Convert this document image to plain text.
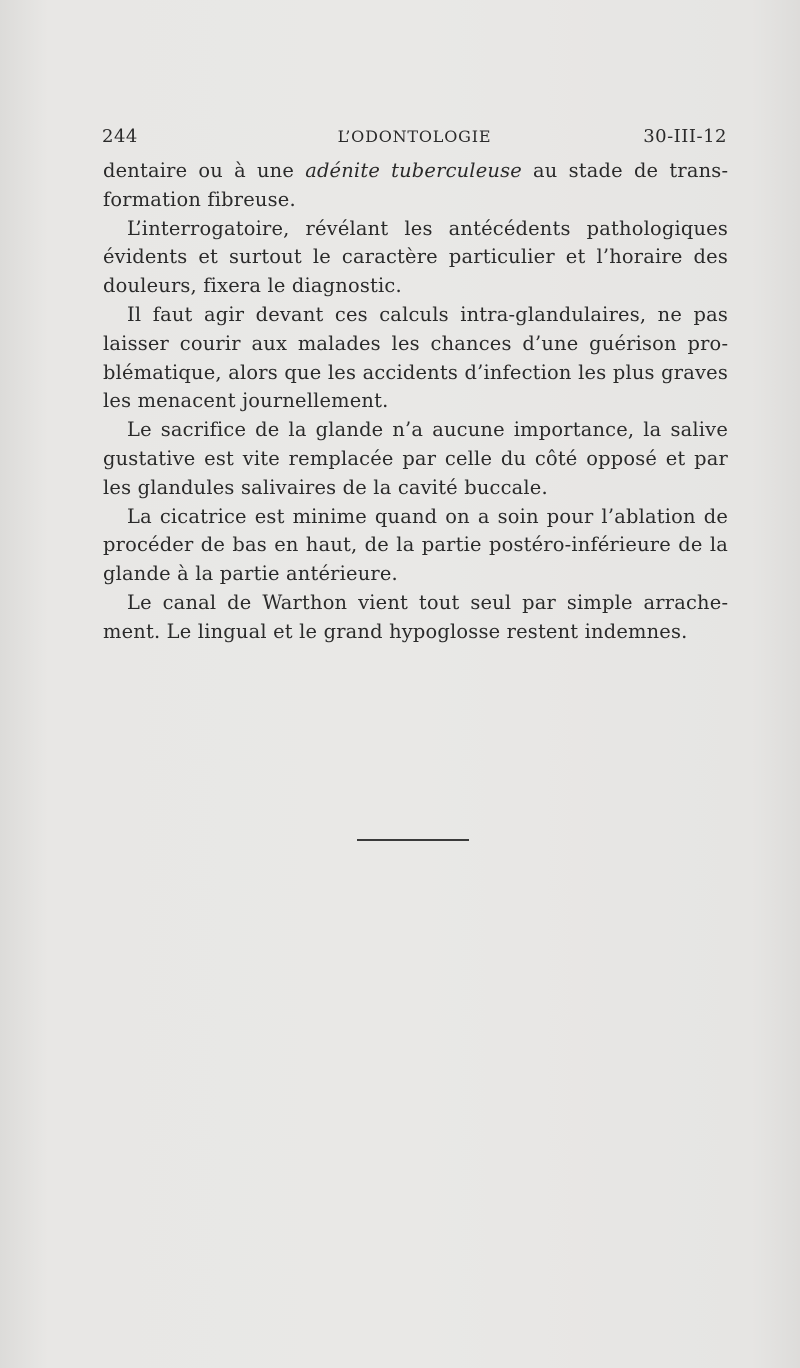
244	L’ODONTOLOGIE	30-III-12

dentaire ou à une adénite tuberculeuse au stade de transformation fibreuse.

L’interrogatoire, révélant les antécédents pathologiques évidents et surtout le caractère particulier et l’horaire des douleurs, fixera le diagnostic.

Il faut agir devant ces calculs intra-glandulaires, ne pas laisser courir aux malades les chances d’une guérison problématique, alors que les accidents d’infection les plus graves les menacent journellement.

Le sacrifice de la glande n’a aucune importance, la salive gustative est vite remplacée par celle du côté opposé et par les glandules salivaires de la cavité buccale.

La cicatrice est minime quand on a soin pour l’ablation de procéder de bas en haut, de la partie postéro-inférieure de la glande à la partie antérieure.

Le canal de Warthon vient tout seul par simple arrachement. Le lingual et le grand hypoglosse restent indemnes.
